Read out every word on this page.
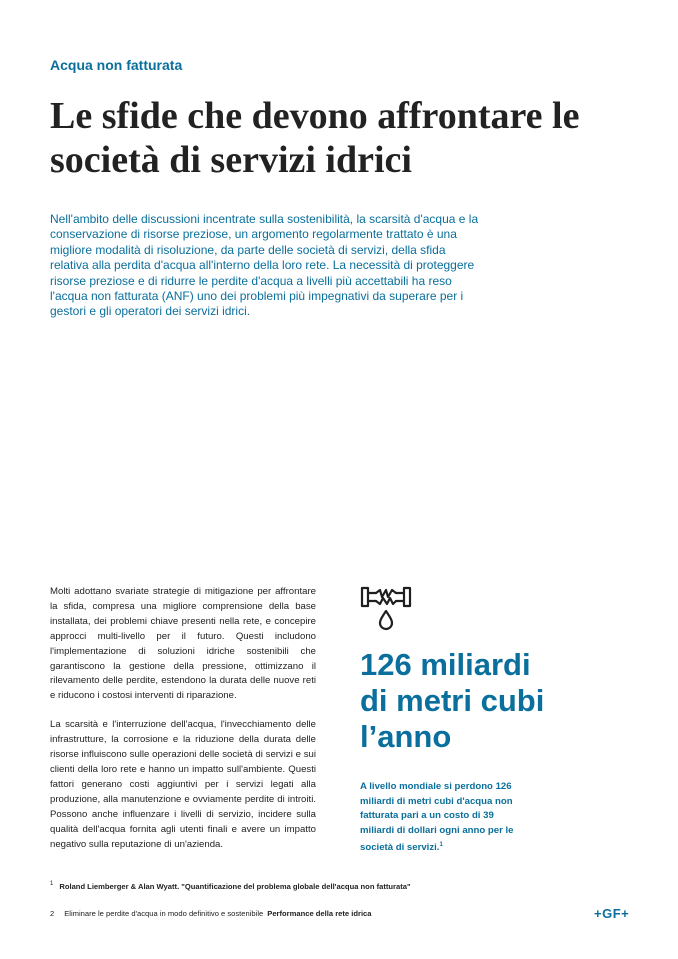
Acqua non fatturata
Le sfide che devono affrontare le società di servizi idrici

Nell'ambito delle discussioni incentrate sulla sostenibilità, la scarsità d'acqua e la conservazione di risorse preziose, un argomento regolarmente trattato è una migliore modalità di risoluzione, da parte delle società di servizi, della sfida relativa alla perdita d'acqua all'interno della loro rete. La necessità di proteggere risorse preziose e di ridurre le perdite d'acqua a livelli più accettabili ha reso l'acqua non fatturata (ANF) uno dei problemi più impegnativi da superare per i gestori e gli operatori dei servizi idrici.

Molti adottano svariate strategie di mitigazione per affrontare la sfida, compresa una migliore comprensione della base installata, dei problemi chiave presenti nella rete, e concepire approcci multi-livello per il futuro. Questi includono l'implementazione di soluzioni idriche sostenibili che garantiscono la gestione della pressione, ottimizzano il rilevamento delle perdite, estendono la durata delle nuove reti e riducono i costosi interventi di riparazione.

La scarsità e l'interruzione dell'acqua, l'invecchiamento delle infrastrutture, la corrosione e la riduzione della durata delle risorse influiscono sulle operazioni delle società di servizi e sui clienti della loro rete e hanno un impatto sull'ambiente. Questi fattori generano costi aggiuntivi per i servizi legati alla produzione, alla manutenzione e ovviamente perdite di introiti. Possono anche influenzare i livelli di servizio, incidere sulla qualità dell'acqua fornita agli utenti finali e avere un impatto negativo sulla reputazione di un'azienda.

126 miliardi
di metri cubi
l’anno

A livello mondiale si perdono 126 miliardi di metri cubi d'acqua non fatturata pari a un costo di 39 miliardi di dollari ogni anno per le società di servizi.$^1$

$^1$ Roland Liemberger & Alan Wyatt. "Quantificazione del problema globale dell'acqua non fatturata"
2 Eliminare le perdite d'acqua in modo definitivo e sostenibile Performance della rete idrica	+GF+
